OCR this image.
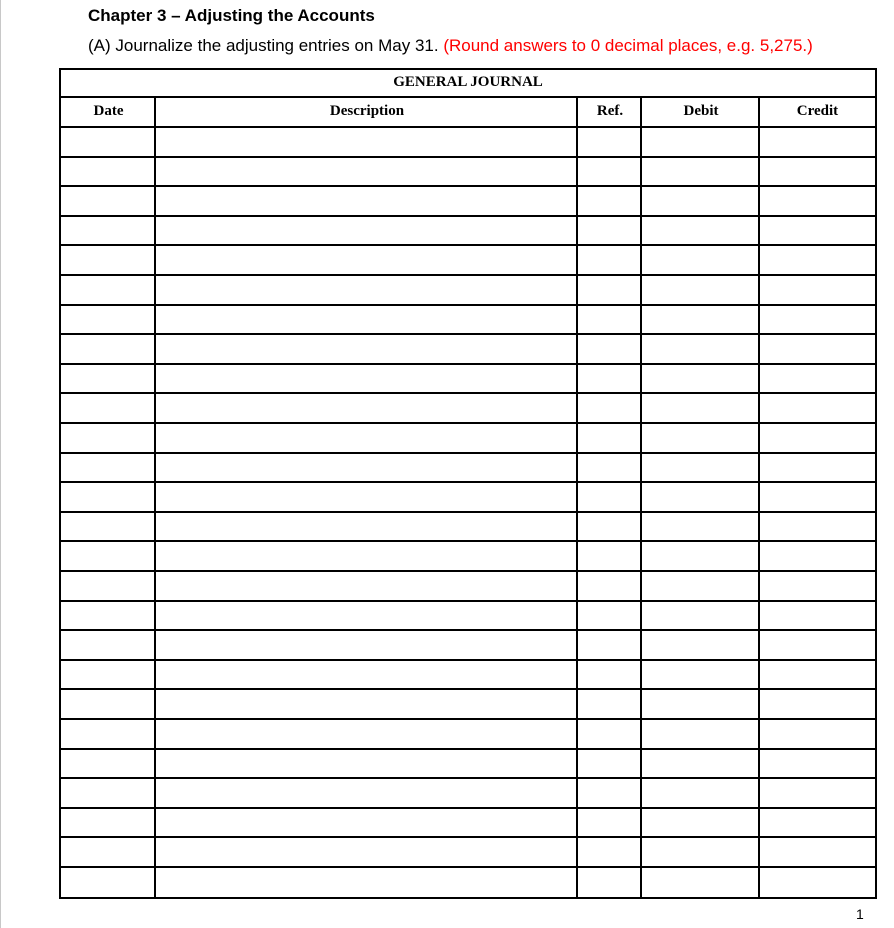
Chapter 3 – Adjusting the Accounts
(A) Journalize the adjusting entries on May 31. (Round answers to 0 decimal places, e.g. 5,275.)
GENERAL JOURNAL
Date	Description	Ref.	Debit	Credit
1
